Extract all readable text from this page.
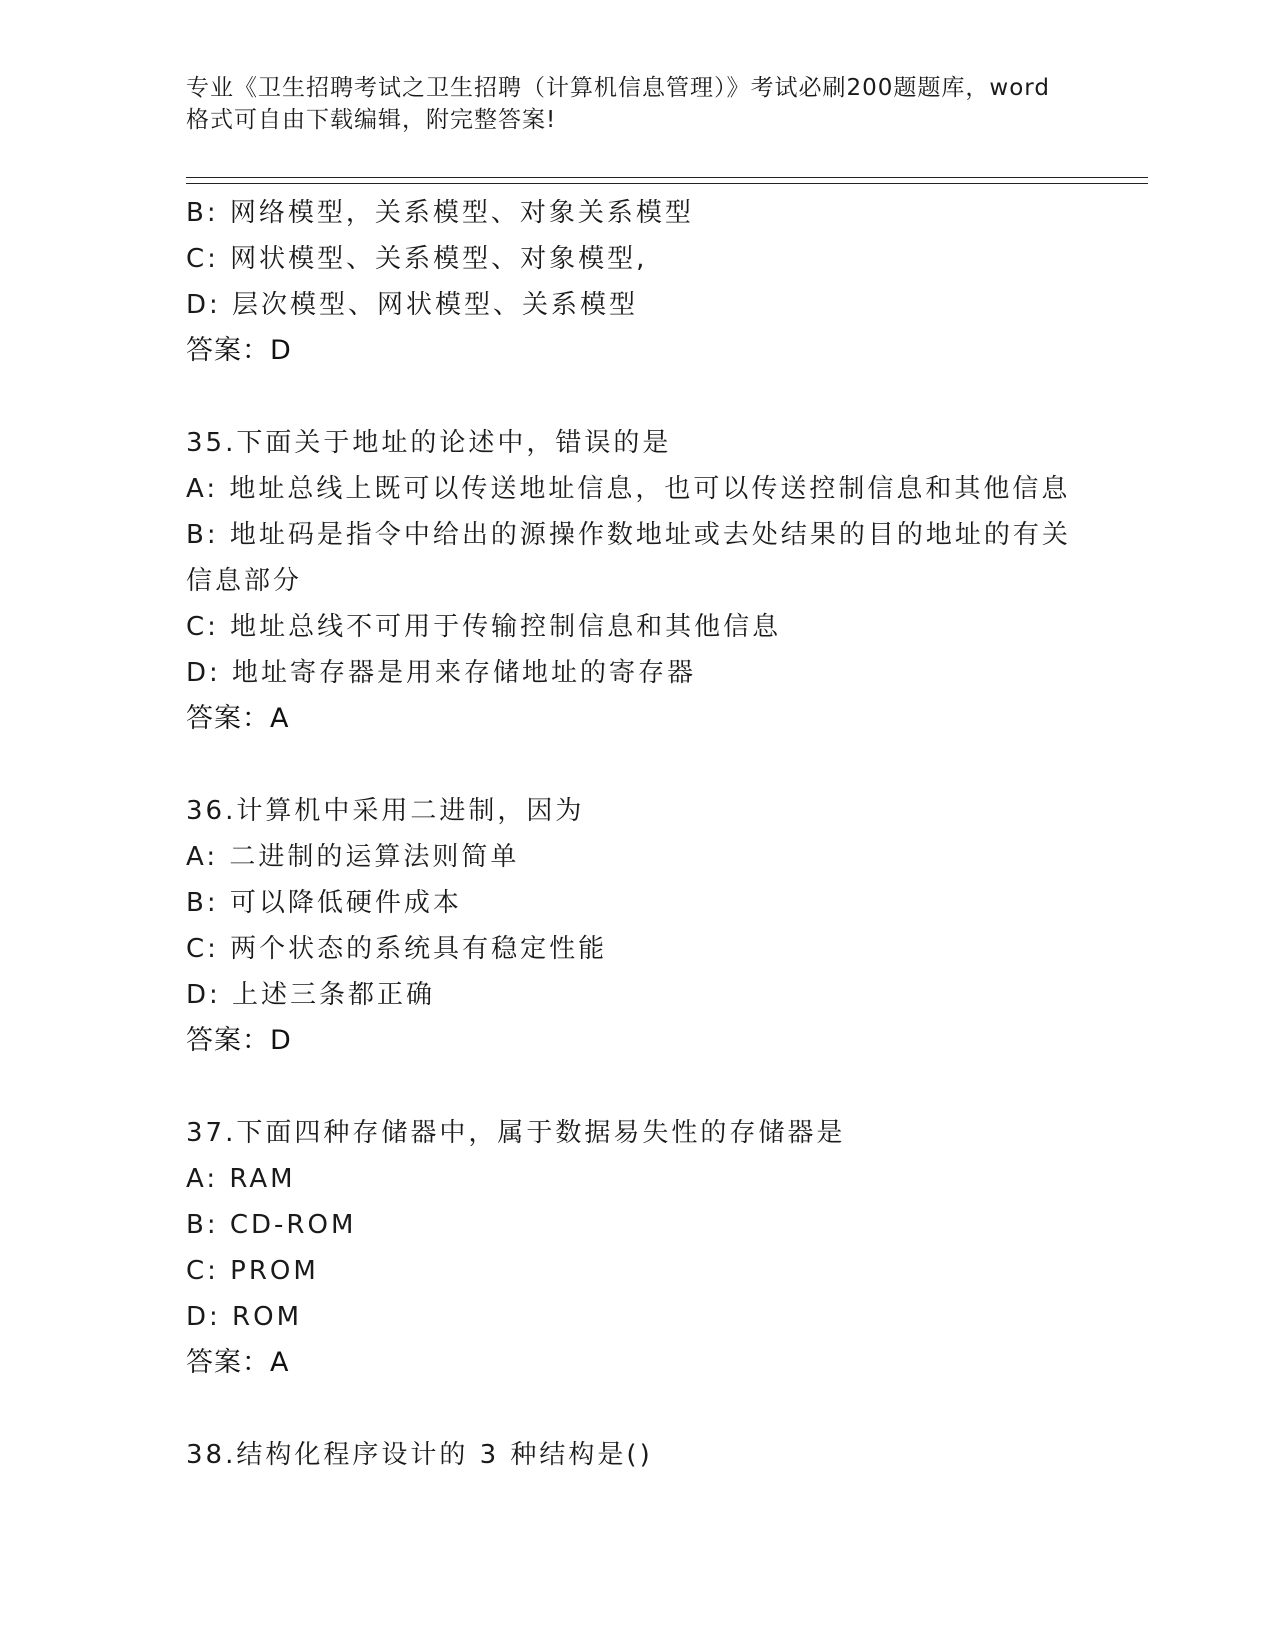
专业《卫生招聘考试之卫生招聘（计算机信息管理）》考试必刷200题题库，word
格式可自由下载编辑，附完整答案!
B: 网络模型，关系模型、对象关系模型
C: 网状模型、关系模型、对象模型,
D: 层次模型、网状模型、关系模型
答案：D
35.下面关于地址的论述中，错误的是
A: 地址总线上既可以传送地址信息，也可以传送控制信息和其他信息
B: 地址码是指令中给出的源操作数地址或去处结果的目的地址的有关
信息部分
C: 地址总线不可用于传输控制信息和其他信息
D: 地址寄存器是用来存储地址的寄存器
答案：A
36.计算机中采用二进制，因为
A: 二进制的运算法则简单
B: 可以降低硬件成本
C: 两个状态的系统具有稳定性能
D: 上述三条都正确
答案：D
37.下面四种存储器中，属于数据易失性的存储器是
A: RAM
B: CD-ROM
C: PROM
D: ROM
答案：A
38.结构化程序设计的 3 种结构是()
